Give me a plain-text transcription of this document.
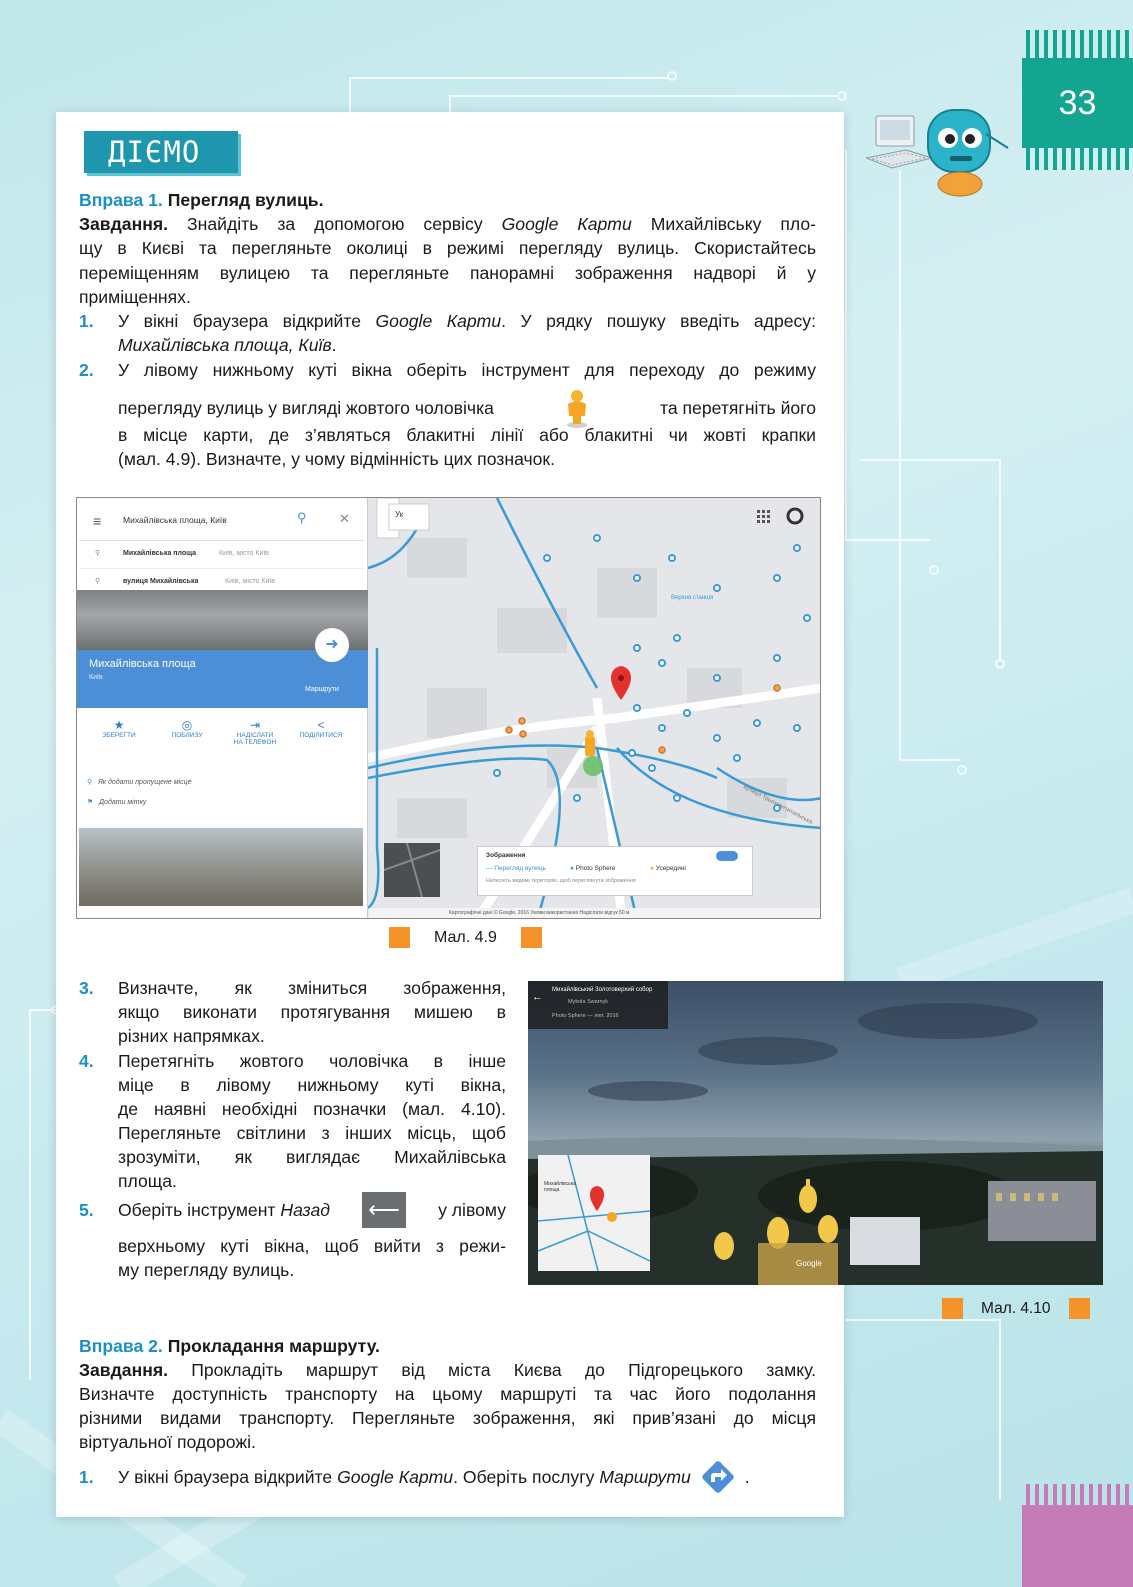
33
ДІЄМО
Вправа 1. Перегляд вулиць.
Завдання. Знайдіть за допомогою сервісу Google Карти Михайлівську пло-
щу в Києві та перегляньте околиці в режимі перегляду вулиць. Скористайтесь
переміщенням вулицею та перегляньте панорамні зображення надворі й у
приміщеннях.
1. У вікні браузера відкрийте Google Карти. У рядку пошуку введіть адресу:
Михайлівська площа, Київ.
2. У лівому нижньому куті вікна оберіть інструмент для переходу до режиму
перегляду вулиць у вигляді жовтого чоловічка	та перетягніть його
в місце карти, де з’являться блакитні лінії або блакитні чи жовті крапки
(мал. 4.9). Визначте, у чому відмінність цих позначок.
Ук
Верхня станція
вулиця Трьохсвятительська
≡	Михайлівська площа, Київ	⚲ ✕
⚲	Михайлівська площа	Київ, місто Київ
⚲	вулиця Михайлівська	Київ, місто Київ
Михайлівська площа
Київ
➜
Маршрути
★
ЗБЕРЕГТИ
◎
ПОБЛИЗУ
⇥
НАДІСЛАТИ
НА ТЕЛЕФОН
<
ПОДІЛИТИСЯ
⚲ Як додати пропущене місце
⚑ Додати мітку
Зображення
— Перегляд вулиць	● Photo Sphere	● Усередині
Натисніть видимі територію, щоб переглянути зображення
Картографічні дані © Google, 2016 Умови використання Надіслати відгук 50 м
Мал. 4.9
3. Визначте, як зміниться зображення,
якщо виконати протягування мишею в
різних напрямках.
4. Перетягніть жовтого чоловічка в інше
міце в лівому нижньому куті вікна,
де наявні необхідні позначки (мал. 4.10).
Перегляньте світлини з інших місць, щоб
зрозуміти, як виглядає Михайлівська
площа.
5. Оберіть інструмент Назад ⟵	у лівому
верхньому куті вікна, щоб вийти з режи-
му перегляду вулиць.
Михайлівський Золотоверхий собор
Mykola Swarnyk
Photo Sphere — лют. 2016
←
Михайлівська площа
Google
Мал. 4.10
Вправа 2. Прокладання маршруту.
Завдання. Прокладіть маршрут від міста Києва до Підгорецького замку.
Визначте доступність транспорту на цьому маршруті та час його подолання
різними видами транспорту. Перегляньте зображення, які прив’язані до місця
віртуальної подорожі.
1. У вікні браузера відкрийте
Google Карти . Оберіть послугу
Маршрути	.
